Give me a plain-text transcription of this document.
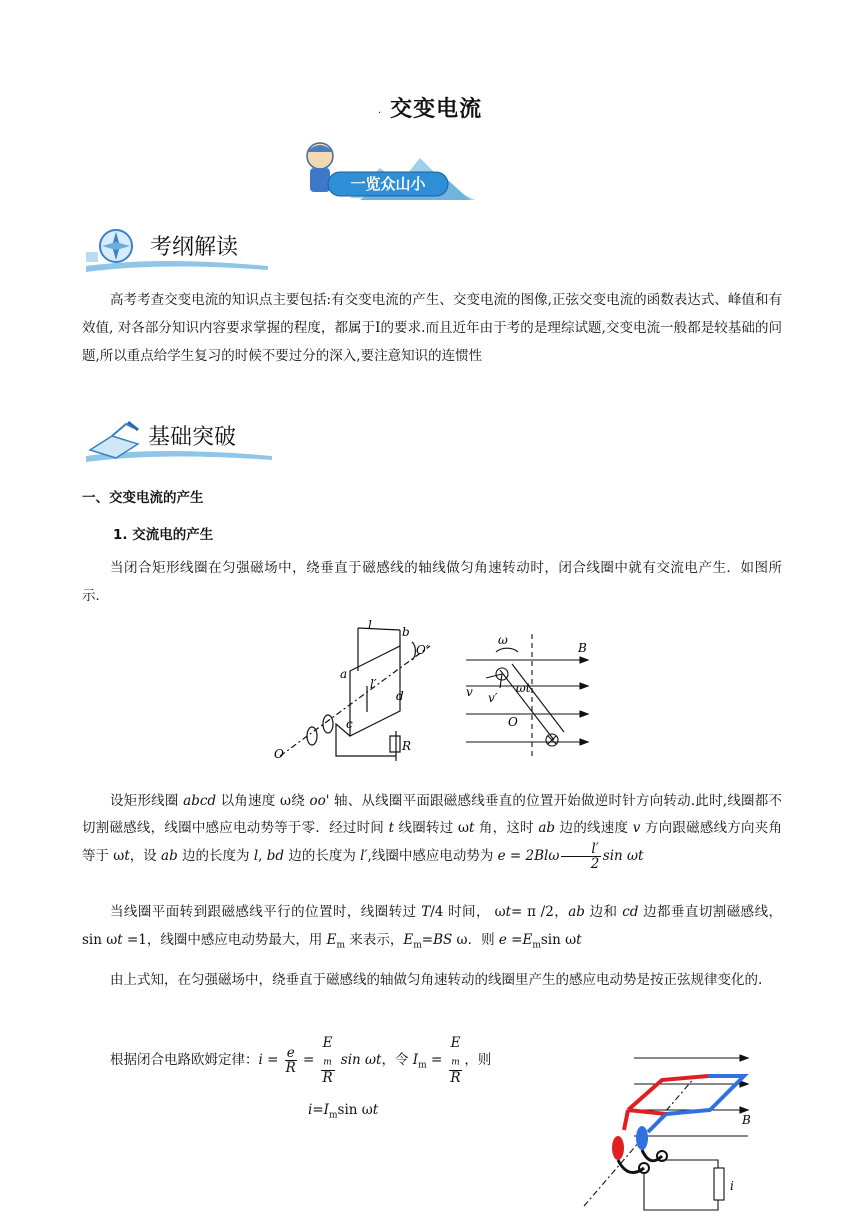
. 交变电流
一览众山小
考纲解读
高考考查交变电流的知识点主要包括:有交变电流的产生、交变电流的图像,正弦交变电流的函数表达式、峰值和有效值, 对各部分知识内容要求掌握的程度，都属于Ⅰ的要求.而且近年由于考的是理综试题,交变电流一般都是较基础的问题,所以重点给学生复习的时候不要过分的深入,要注意知识的连惯性
基础突破
一、交变电流的产生
1. 交流电的产生
当闭合矩形线圈在匀强磁场中，绕垂直于磁感线的轴线做匀角速转动时，闭合线圈中就有交流电产生．如图所示．
l	b
O′
a
l′
d
c
O
R
ω
B
v v′
ωt
O
设矩形线圈 abcd 以角速度 ω绕 oo' 轴、从线圈平面跟磁感线垂直的位置开始做逆时针方向转动.此时,线圈都不切割磁感线，线圈中感应电动势等于零．经过时间 t 线圈转过 ωt 角，这时 ab 边的线速度 v 方向跟磁感线方向夹角等于 ωt，设 ab 边的长度为 l, bd 边的长度为 l′,线圈中感应电动势为 $e = 2Bl\omega \frac{l'}{2}$ sin ωt
当线圈平面转到跟磁感线平行的位置时，线圈转过 T/4 时间， ωt= π /2，ab 边和 cd 边都垂直切割磁感线，sin ωt =1，线圈中感应电动势最大，用 $E_m$ 来表示，$E_m=BS$ ω．则 $e =E_m\sin$ ωt
由上式知，在匀强磁场中，绕垂直于磁感线的轴做匀角速转动的线圈里产生的感应电动势是按正弦规律变化的.
根据闭合电路欧姆定律：$i = \frac{e}{R} = E$
$_m$
R sin ωt，令 $I_m = E$
$_m$
R ，则
$i=I_m\sin$ ωt
B
i
